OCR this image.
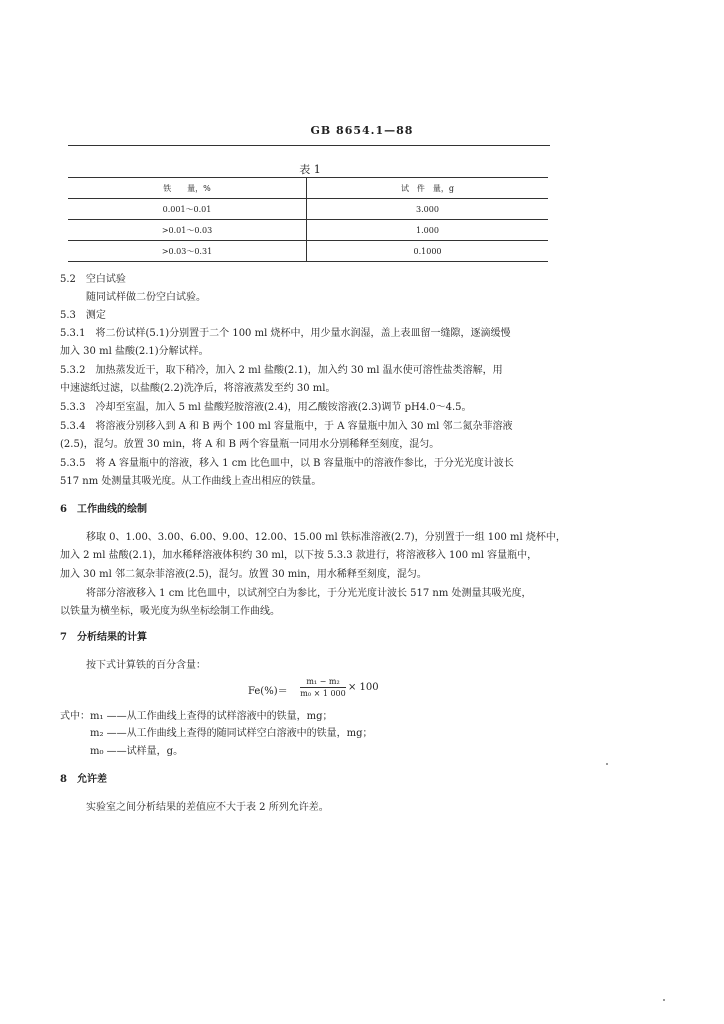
GB 8654.1—88
表 1
铁　　量，%	试　件　量，g
0.001～0.01	3.000
>0.01～0.03	1.000
>0.03～0.31	0.1000
5.2　空白试验
随同试样做二份空白试验。
5.3　测定
5.3.1　将二份试样(5.1)分别置于二个 100 ml 烧杯中，用少量水润湿，盖上表皿留一缝隙，逐滴缓慢
加入 30 ml 盐酸(2.1)分解试样。
5.3.2　加热蒸发近干，取下稍冷，加入 2 ml 盐酸(2.1)，加入约 30 ml 温水使可溶性盐类溶解，用
中速滤纸过滤，以盐酸(2.2)洗净后，将溶液蒸发至约 30 ml。
5.3.3　冷却至室温，加入 5 ml 盐酸羟胺溶液(2.4)，用乙酸铵溶液(2.3)调节 pH4.0～4.5。
5.3.4　将溶液分别移入到 A 和 B 两个 100 ml 容量瓶中，于 A 容量瓶中加入 30 ml 邻二氮杂菲溶液
(2.5)，混匀。放置 30 min，将 A 和 B 两个容量瓶一同用水分别稀释至刻度，混匀。
5.3.5　将 A 容量瓶中的溶液，移入 1 cm 比色皿中，以 B 容量瓶中的溶液作参比，于分光光度计波长
517 nm 处测量其吸光度。从工作曲线上查出相应的铁量。
6　工作曲线的绘制
移取 0、1.00、3.00、6.00、9.00、12.00、15.00 ml 铁标准溶液(2.7)，分别置于一组 100 ml 烧杯中，
加入 2 ml 盐酸(2.1)，加水稀释溶液体积约 30 ml，以下按 5.3.3 款进行，将溶液移入 100 ml 容量瓶中，
加入 30 ml 邻二氮杂菲溶液(2.5)，混匀。放置 30 min，用水稀释至刻度，混匀。
将部分溶液移入 1 cm 比色皿中，以试剂空白为参比，于分光光度计波长 517 nm 处测量其吸光度，
以铁量为横坐标，吸光度为纵坐标绘制工作曲线。
7　分析结果的计算
按下式计算铁的百分含量：
$Fe(\%)= \frac{\text{m₁ − m₂}}{\text{m₀ × 1 000}} \times 100$
式中：m₁ ——从工作曲线上查得的试样溶液中的铁量，mg；
m₂ ——从工作曲线上查得的随同试样空白溶液中的铁量，mg；
m₀ ——试样量，g。
8　允许差
实验室之间分析结果的差值应不大于表 2 所列允许差。
